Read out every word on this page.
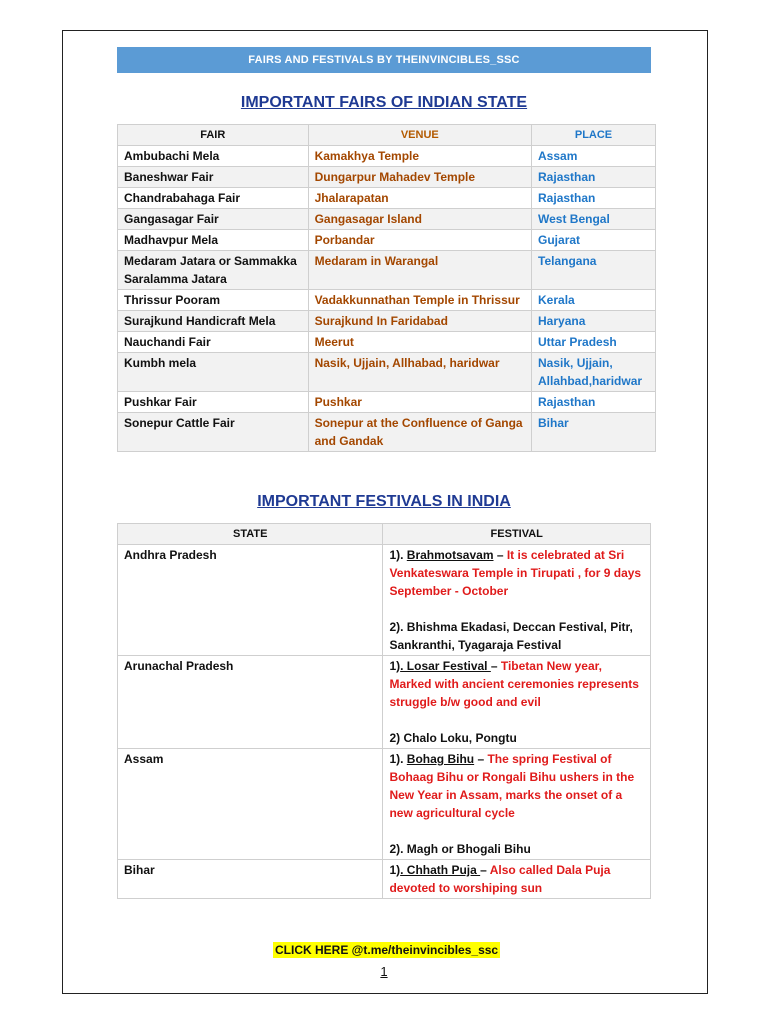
FAIRS AND FESTIVALS BY THEINVINCIBLES_SSC
IMPORTANT FAIRS OF INDIAN STATE
FAIR	VENUE	PLACE
Ambubachi Mela	Kamakhya Temple	Assam
Baneshwar Fair	Dungarpur Mahadev Temple	Rajasthan
Chandrabahaga Fair	Jhalarapatan	Rajasthan
Gangasagar Fair	Gangasagar Island	West Bengal
Madhavpur Mela	Porbandar	Gujarat
Medaram Jatara or Sammakka Saralamma Jatara	Medaram in Warangal	Telangana
Thrissur Pooram	Vadakkunnathan Temple in Thrissur	Kerala
Surajkund Handicraft Mela	Surajkund In Faridabad	Haryana
Nauchandi Fair	Meerut	Uttar Pradesh
Kumbh mela	Nasik, Ujjain, Allhabad, haridwar	Nasik, Ujjain, Allahbad,haridwar
Pushkar Fair	Pushkar	Rajasthan
Sonepur Cattle Fair	Sonepur at the Confluence of Ganga and Gandak	Bihar
IMPORTANT FESTIVALS IN INDIA
STATE	FESTIVAL
Andhra Pradesh	1). Brahmotsavam – It is celebrated at Sri Venkateswara Temple in Tirupati , for 9 days September - October
2). Bhishma Ekadasi, Deccan Festival, Pitr, Sankranthi, Tyagaraja Festival

Arunachal Pradesh	1). Losar Festival – Tibetan New year, Marked with ancient ceremonies represents struggle b/w good and evil
2) Chalo Loku, Pongtu

Assam	1). Bohag Bihu – The spring Festival of Bohaag Bihu or Rongali Bihu ushers in the New Year in Assam, marks the onset of a new agricultural cycle
2). Magh or Bhogali Bihu

Bihar	1). Chhath Puja – Also called Dala Puja devoted to worshiping sun
CLICK HERE @t.me/theinvincibles_ssc
1
